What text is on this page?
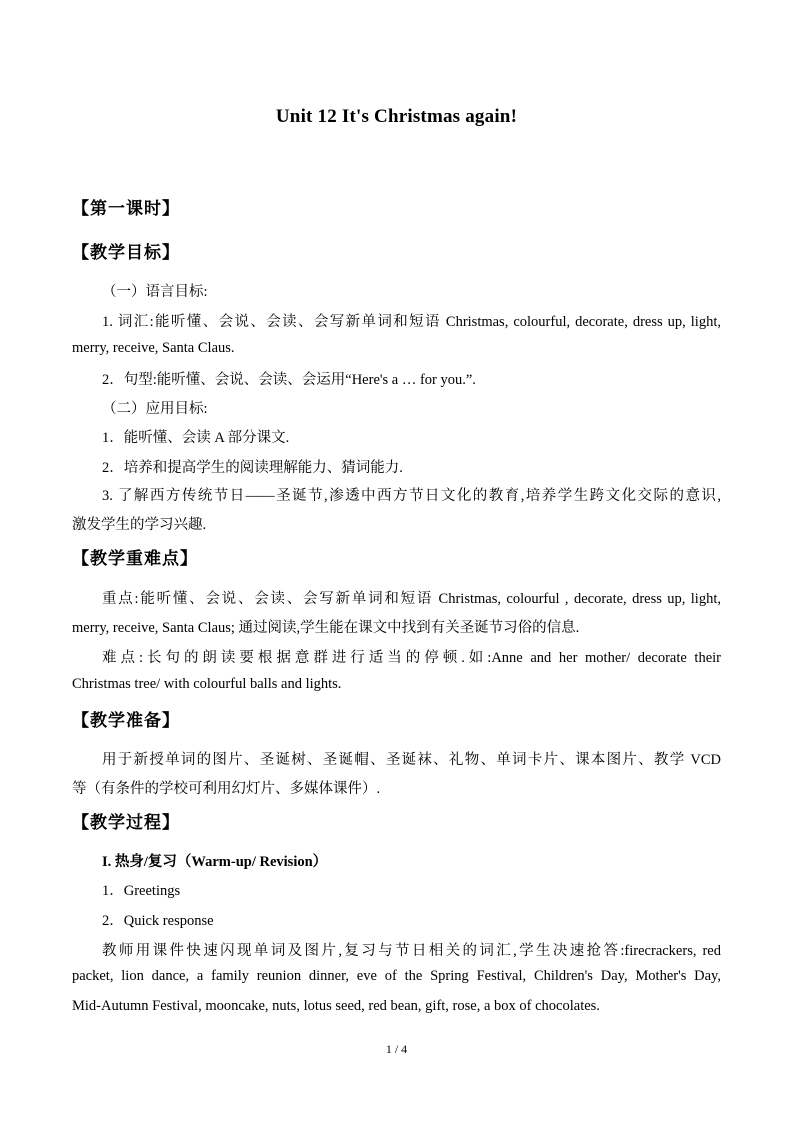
Unit 12 It's Christmas again!
【第一课时】
【教学目标】
（一）语言目标:
1. 词汇:能听懂、会说、会读、会写新单词和短语 Christmas, colourful, decorate, dress up, light,
merry, receive, Santa Claus.
2．句型:能听懂、会说、会读、会运用“Here's a … for you.”.
（二）应用目标:
1．能听懂、会读 A 部分课文.
2．培养和提高学生的阅读理解能力、猜词能力.
3. 了解西方传统节日——圣诞节,渗透中西方节日文化的教育,培养学生跨文化交际的意识,
激发学生的学习兴趣.
【教学重难点】
重点:能听懂、会说、会读、会写新单词和短语 Christmas, colourful , decorate, dress up, light,
merry, receive, Santa Claus; 通过阅读,学生能在课文中找到有关圣诞节习俗的信息.
难点:长句的朗读要根据意群进行适当的停顿.如:Anne and her mother/ decorate their
Christmas tree/ with colourful balls and lights.
【教学准备】
用于新授单词的图片、圣诞树、圣诞帽、圣诞袜、礼物、单词卡片、课本图片、教学 VCD
等（有条件的学校可利用幻灯片、多媒体课件）.
【教学过程】
I. 热身/复习（Warm-up/ Revision）
1．Greetings
2．Quick response
教师用课件快速闪现单词及图片,复习与节日相关的词汇,学生决速抢答:firecrackers, red
packet, lion dance, a family reunion dinner, eve of the Spring Festival, Children's Day, Mother's Day,
Mid-Autumn Festival, mooncake, nuts, lotus seed, red bean, gift, rose, a box of chocolates.
1 / 4
